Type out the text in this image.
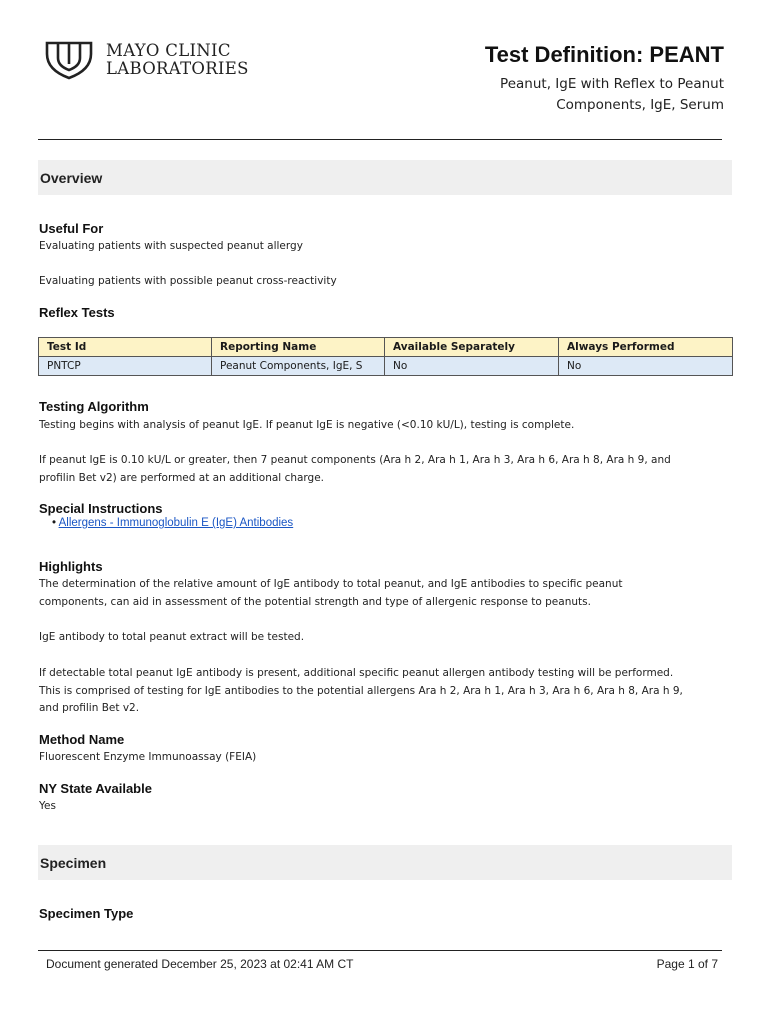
MAYO CLINIC
LABORATORIES
Test Definition: PEANT
Peanut, IgE with Reflex to Peanut
Components, IgE, Serum
Overview
Useful For
Evaluating patients with suspected peanut allergy
Evaluating patients with possible peanut cross-reactivity
Reflex Tests
Test Id	Reporting Name	Available Separately	Always Performed
PNTCP	Peanut Components, IgE, S	No	No
Testing Algorithm
Testing begins with analysis of peanut IgE. If peanut IgE is negative (<0.10 kU/L), testing is complete.
If peanut IgE is 0.10 kU/L or greater, then 7 peanut components (Ara h 2, Ara h 1, Ara h 3, Ara h 6, Ara h 8, Ara h 9, and
profilin Bet v2) are performed at an additional charge.
Special Instructions
• Allergens - Immunoglobulin E (IgE) Antibodies
Highlights
The determination of the relative amount of IgE antibody to total peanut, and IgE antibodies to specific peanut
components, can aid in assessment of the potential strength and type of allergenic response to peanuts.
IgE antibody to total peanut extract will be tested.
If detectable total peanut IgE antibody is present, additional specific peanut allergen antibody testing will be performed.
This is comprised of testing for IgE antibodies to the potential allergens Ara h 2, Ara h 1, Ara h 3, Ara h 6, Ara h 8, Ara h 9,
and profilin Bet v2.
Method Name
Fluorescent Enzyme Immunoassay (FEIA)
NY State Available
Yes
Specimen
Specimen Type
Document generated December 25, 2023 at 02:41 AM CT	Page 1 of 7
